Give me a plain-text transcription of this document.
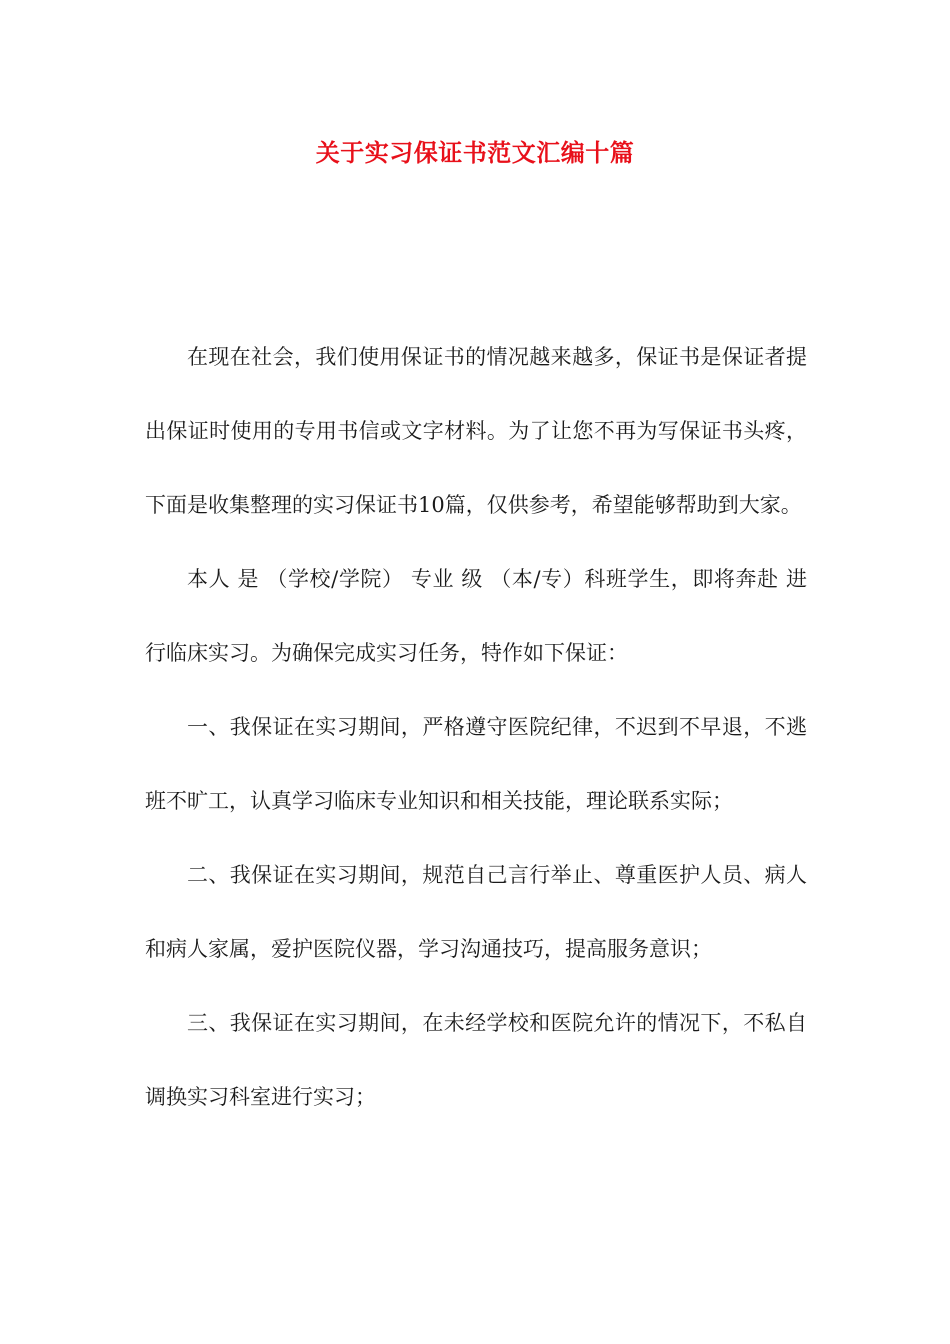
关于实习保证书范文汇编十篇

在现在社会，我们使用保证书的情况越来越多，保证书是保证者提出保证时使用的专用书信或文字材料。为了让您不再为写保证书头疼，下面是收集整理的实习保证书10篇，仅供参考，希望能够帮助到大家。

本人 是 （学校/学院） 专业 级 （本/专）科班学生，即将奔赴 进行临床实习。为确保完成实习任务，特作如下保证：

一、我保证在实习期间，严格遵守医院纪律，不迟到不早退，不逃班不旷工，认真学习临床专业知识和相关技能，理论联系实际；

二、我保证在实习期间，规范自己言行举止、尊重医护人员、病人和病人家属，爱护医院仪器，学习沟通技巧，提高服务意识；

三、我保证在实习期间，在未经学校和医院允许的情况下，不私自调换实习科室进行实习；
